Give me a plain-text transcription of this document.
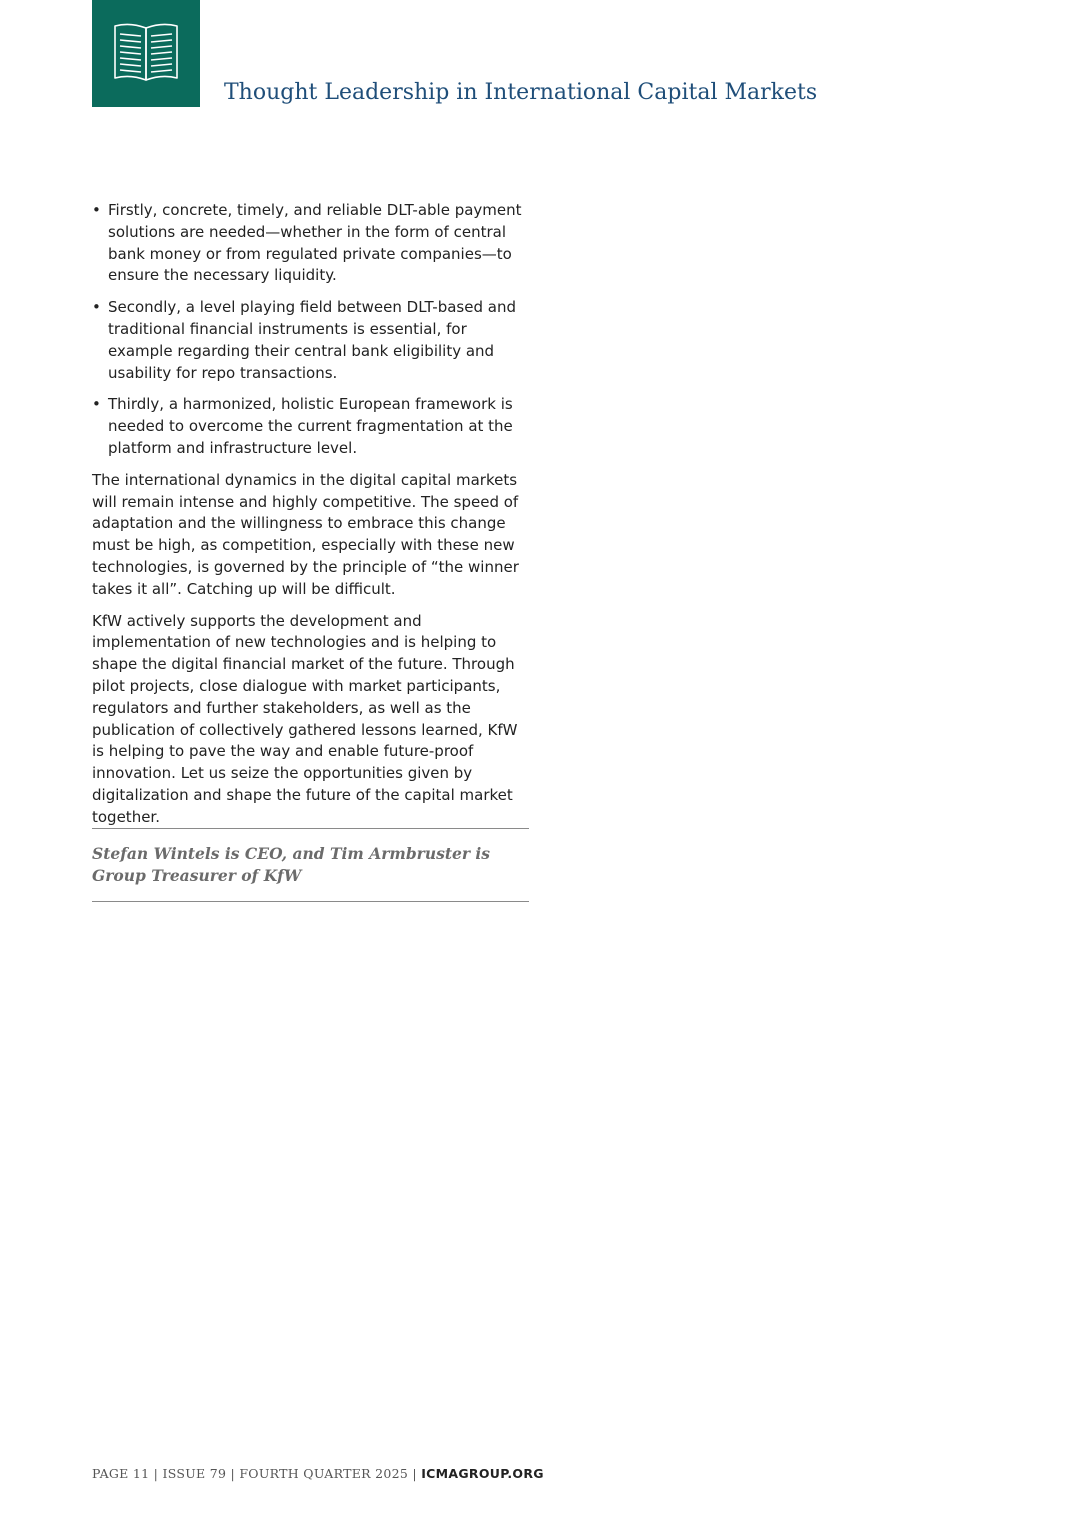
Thought Leadership in International Capital Markets
• Firstly, concrete, timely, and reliable DLT-able payment solutions are needed—whether in the form of central bank money or from regulated private companies—to ensure the necessary liquidity.
• Secondly, a level playing field between DLT-based and traditional financial instruments is essential, for example regarding their central bank eligibility and usability for repo transactions.
• Thirdly, a harmonized, holistic European framework is needed to overcome the current fragmentation at the platform and infrastructure level.

The international dynamics in the digital capital markets will remain intense and highly competitive. The speed of adaptation and the willingness to embrace this change must be high, as competition, especially with these new technologies, is governed by the principle of “the winner takes it all”. Catching up will be difficult.

KfW actively supports the development and implementation of new technologies and is helping to shape the digital financial market of the future. Through pilot projects, close dialogue with market participants, regulators and further stakeholders, as well as the publication of collectively gathered lessons learned, KfW is helping to pave the way and enable future-proof innovation. Let us seize the opportunities given by digitalization and shape the future of the capital market together.

Stefan Wintels is CEO, and Tim Armbruster is Group Treasurer of KfW
PAGE 11 | ISSUE 79 | FOURTH QUARTER 2025 | ICMAGROUP.ORG
